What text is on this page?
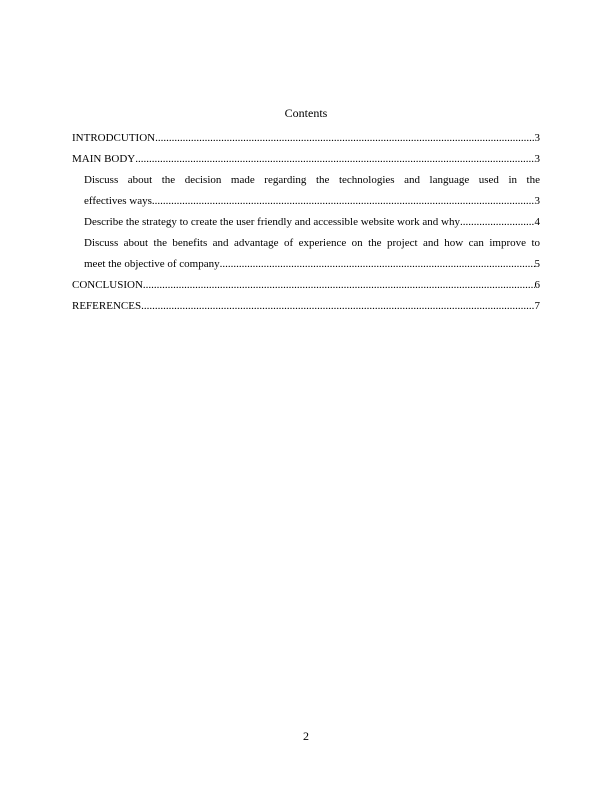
Contents
INTRODCUTION .....	3
MAIN BODY .....	3
Discuss about the decision made regarding the technologies and language used in the
effectives ways .....	3
Describe the strategy to create the user friendly and accessible website work and why .....	4
Discuss about the benefits and advantage of experience on the project and how can improve to
meet the objective of company .....	5
CONCLUSION .....	6
REFERENCES .....	7
2
